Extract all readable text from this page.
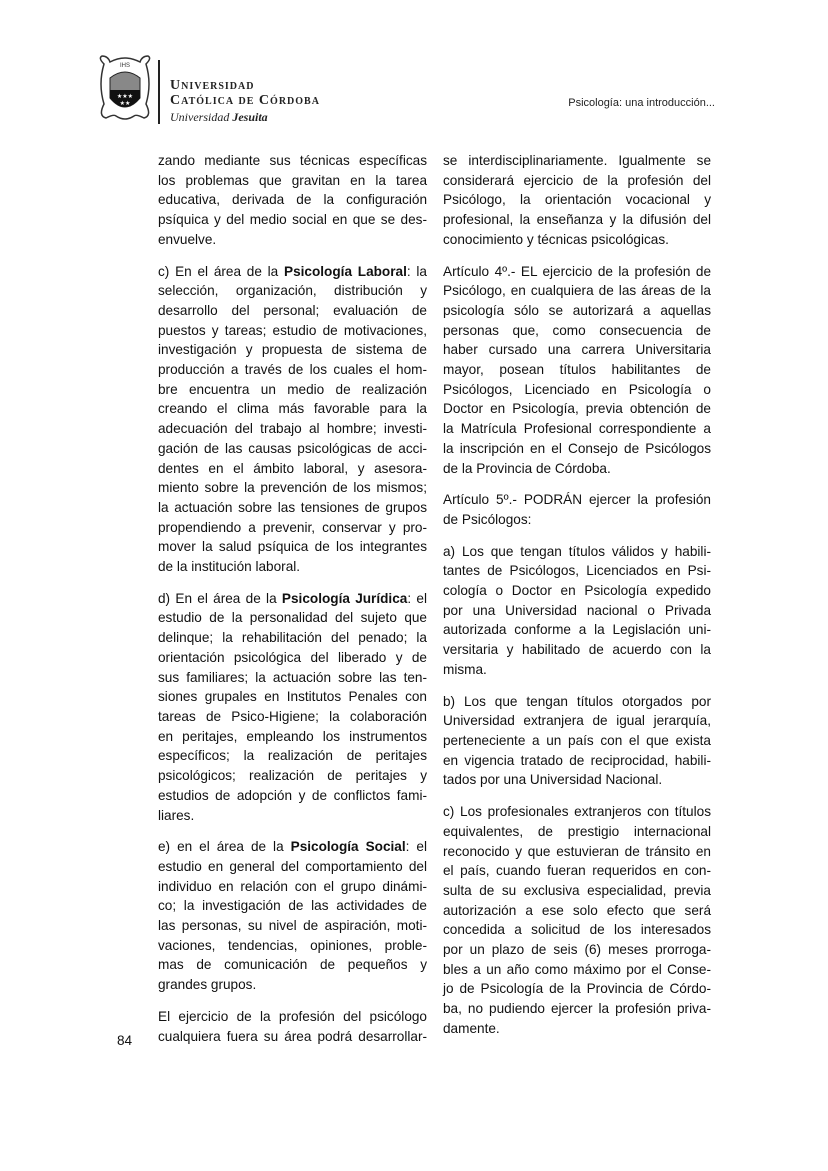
IHS
★★★
★★
Universidad
Católica de Córdoba
Universidad Jesuita
Psicología: una introducción...
zando mediante sus técnicas específicas
los problemas que gravitan en la tarea
educativa, derivada de la configuración
psíquica y del medio social en que se des-
envuelve.
c) En el área de la Psicología Laboral: la
selección, organización, distribución y
desarrollo del personal; evaluación de
puestos y tareas; estudio de motivaciones,
investigación y propuesta de sistema de
producción a través de los cuales el hom-
bre encuentra un medio de realización
creando el clima más favorable para la
adecuación del trabajo al hombre; investi-
gación de las causas psicológicas de acci-
dentes en el ámbito laboral, y asesora-
miento sobre la prevención de los mismos;
la actuación sobre las tensiones de grupos
propendiendo a prevenir, conservar y pro-
mover la salud psíquica de los integrantes
de la institución laboral.
d) En el área de la Psicología Jurídica: el
estudio de la personalidad del sujeto que
delinque; la rehabilitación del penado; la
orientación psicológica del liberado y de
sus familiares; la actuación sobre las ten-
siones grupales en Institutos Penales con
tareas de Psico-Higiene; la colaboración
en peritajes, empleando los instrumentos
específicos; la realización de peritajes
psicológicos; realización de peritajes y
estudios de adopción y de conflictos fami-
liares.
e) en el área de la Psicología Social: el
estudio en general del comportamiento del
individuo en relación con el grupo dinámi-
co; la investigación de las actividades de
las personas, su nivel de aspiración, moti-
vaciones, tendencias, opiniones, proble-
mas de comunicación de pequeños y
grandes grupos.
El ejercicio de la profesión del psicólogo
cualquiera fuera su área podrá desarrollar-
se interdisciplinariamente. Igualmente se
considerará ejercicio de la profesión del
Psicólogo, la orientación vocacional y
profesional, la enseñanza y la difusión del
conocimiento y técnicas psicológicas.
Artículo 4º.- EL ejercicio de la profesión de
Psicólogo, en cualquiera de las áreas de la
psicología sólo se autorizará a aquellas
personas que, como consecuencia de
haber cursado una carrera Universitaria
mayor, posean títulos habilitantes de
Psicólogos, Licenciado en Psicología o
Doctor en Psicología, previa obtención de
la Matrícula Profesional correspondiente a
la inscripción en el Consejo de Psicólogos
de la Provincia de Córdoba.
Artículo 5º.- PODRÁN ejercer la profesión
de Psicólogos:
a) Los que tengan títulos válidos y habili-
tantes de Psicólogos, Licenciados en Psi-
cología o Doctor en Psicología expedido
por una Universidad nacional o Privada
autorizada conforme a la Legislación uni-
versitaria y habilitado de acuerdo con la
misma.
b) Los que tengan títulos otorgados por
Universidad extranjera de igual jerarquía,
perteneciente a un país con el que exista
en vigencia tratado de reciprocidad, habili-
tados por una Universidad Nacional.
c) Los profesionales extranjeros con títulos
equivalentes, de prestigio internacional
reconocido y que estuvieran de tránsito en
el país, cuando fueran requeridos en con-
sulta de su exclusiva especialidad, previa
autorización a ese solo efecto que será
concedida a solicitud de los interesados
por un plazo de seis (6) meses prorroga-
bles a un año como máximo por el Conse-
jo de Psicología de la Provincia de Córdo-
ba, no pudiendo ejercer la profesión priva-
damente.
84
